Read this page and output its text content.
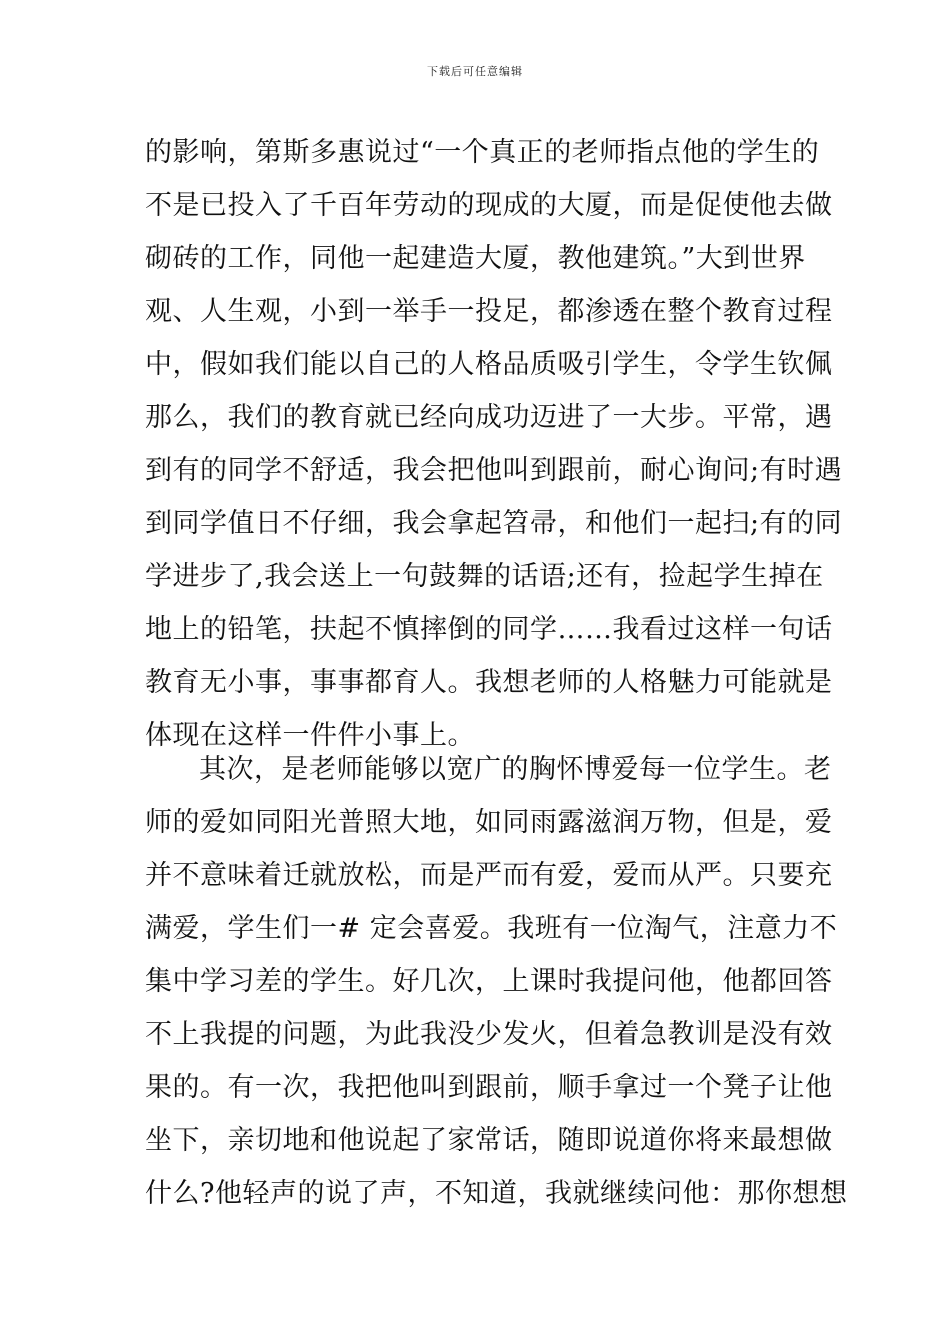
下载后可任意编辑
的影响，第斯多惠说过“一个真正的老师指点他的学生的
不是已投入了千百年劳动的现成的大厦，而是促使他去做
砌砖的工作，同他一起建造大厦，教他建筑。”大到世界
观、人生观，小到一举手一投足，都渗透在整个教育过程
中，假如我们能以自己的人格品质吸引学生，令学生钦佩
那么，我们的教育就已经向成功迈进了一大步。平常，遇
到有的同学不舒适，我会把他叫到跟前，耐心询问;有时遇
到同学值日不仔细，我会拿起笤帚，和他们一起扫;有的同
学进步了,我会送上一句鼓舞的话语;还有，捡起学生掉在
地上的铅笔，扶起不慎摔倒的同学……我看过这样一句话
教育无小事，事事都育人。我想老师的人格魅力可能就是
体现在这样一件件小事上。
其次，是老师能够以宽广的胸怀博爱每一位学生。老
师的爱如同阳光普照大地，如同雨露滋润万物，但是，爱
并不意味着迁就放松，而是严而有爱，爱而从严。只要充
满爱，学生们一# 定会喜爱。我班有一位淘气，注意力不
集中学习差的学生。好几次，上课时我提问他，他都回答
不上我提的问题，为此我没少发火，但着急教训是没有效
果的。有一次，我把他叫到跟前，顺手拿过一个凳子让他
坐下，亲切地和他说起了家常话，随即说道你将来最想做
什么?他轻声的说了声，不知道，我就继续问他：那你想想
